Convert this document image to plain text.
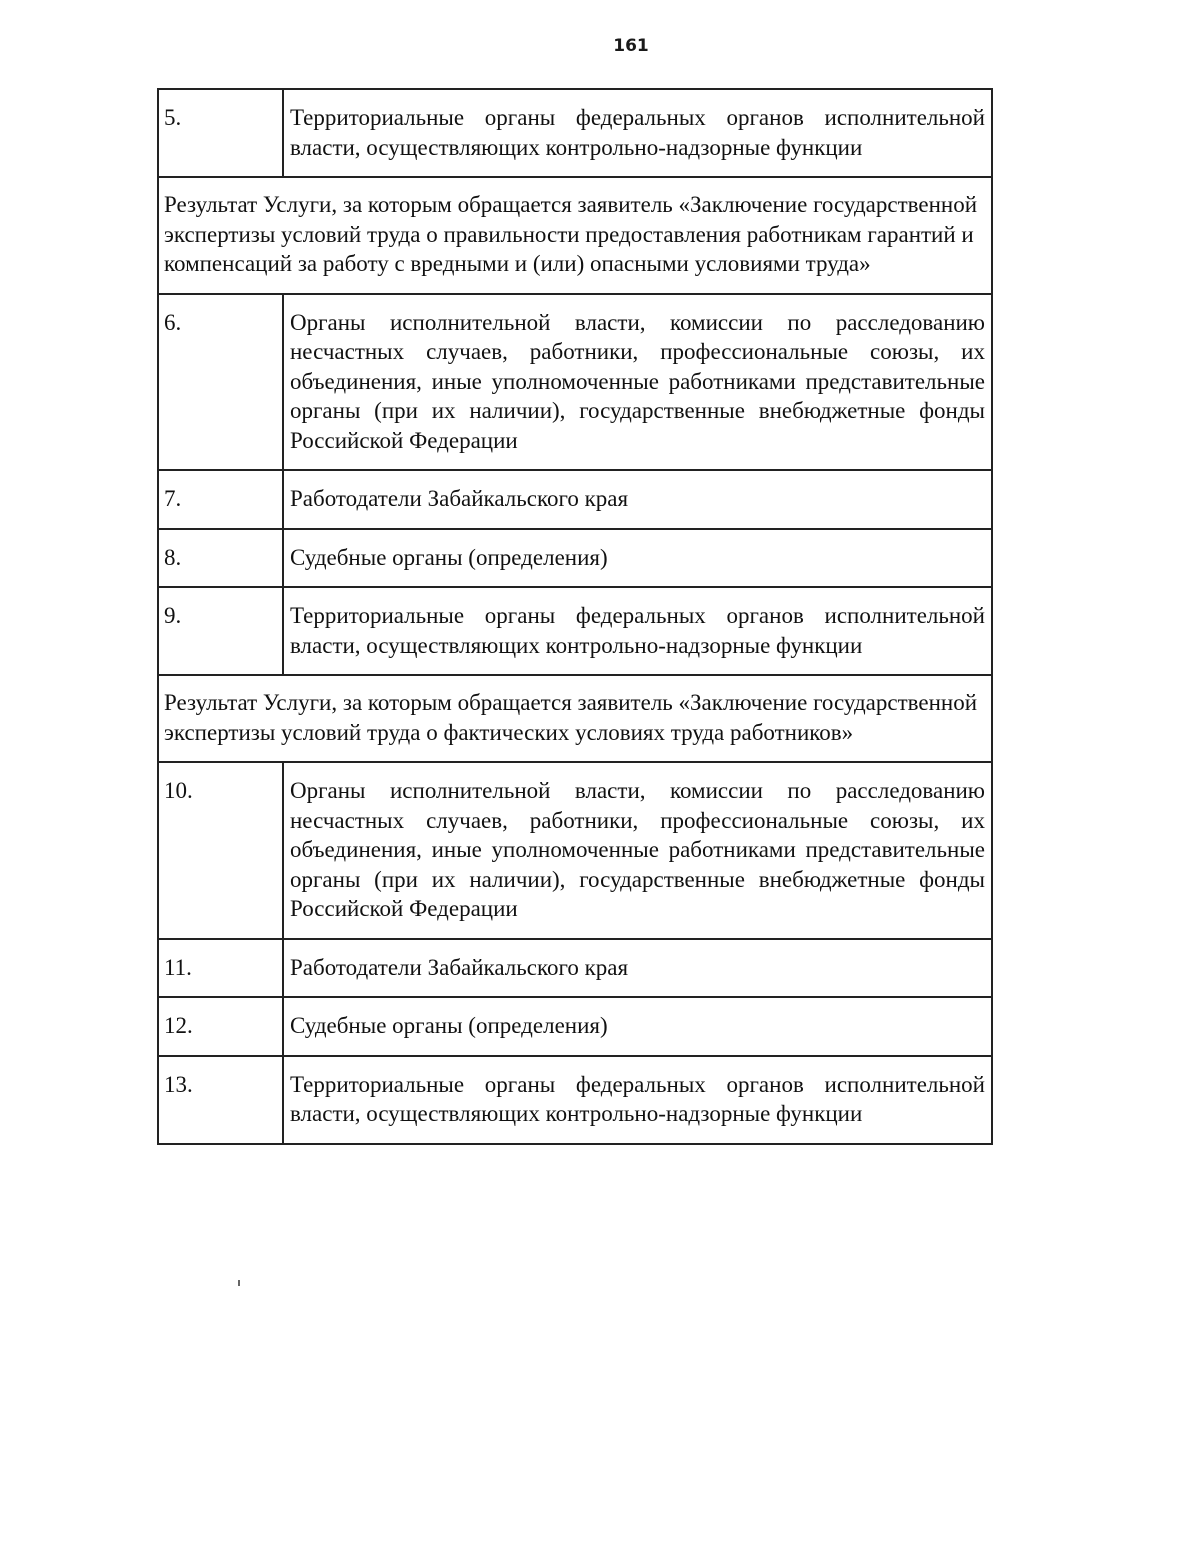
161
5.	Территориальные органы федеральных органов исполнительной власти, осуществляющих контрольно-надзорные функции
Результат Услуги, за которым обращается заявитель «Заключение государственной экспертизы условий труда о правильности предоставления работникам гарантий и компенсаций за работу с вредными и (или) опасными условиями труда»	
6.	Органы исполнительной власти, комиссии по расследованию несчастных случаев, работники, профессиональные союзы, их объединения, иные уполномоченные работниками представительные органы (при их наличии), государственные внебюджетные фонды Российской Федерации
7.	Работодатели Забайкальского края
8.	Судебные органы (определения)
9.	Территориальные органы федеральных органов исполнительной власти, осуществляющих контрольно-надзорные функции
Результат Услуги, за которым обращается заявитель «Заключение государственной экспертизы условий труда о фактических условиях труда работников»	
10.	Органы исполнительной власти, комиссии по расследованию несчастных случаев, работники, профессиональные союзы, их объединения, иные уполномоченные работниками представительные органы (при их наличии), государственные внебюджетные фонды Российской Федерации
11.	Работодатели Забайкальского края
12.	Судебные органы (определения)
13.	Территориальные органы федеральных органов исполнительной власти, осуществляющих контрольно-надзорные функции
